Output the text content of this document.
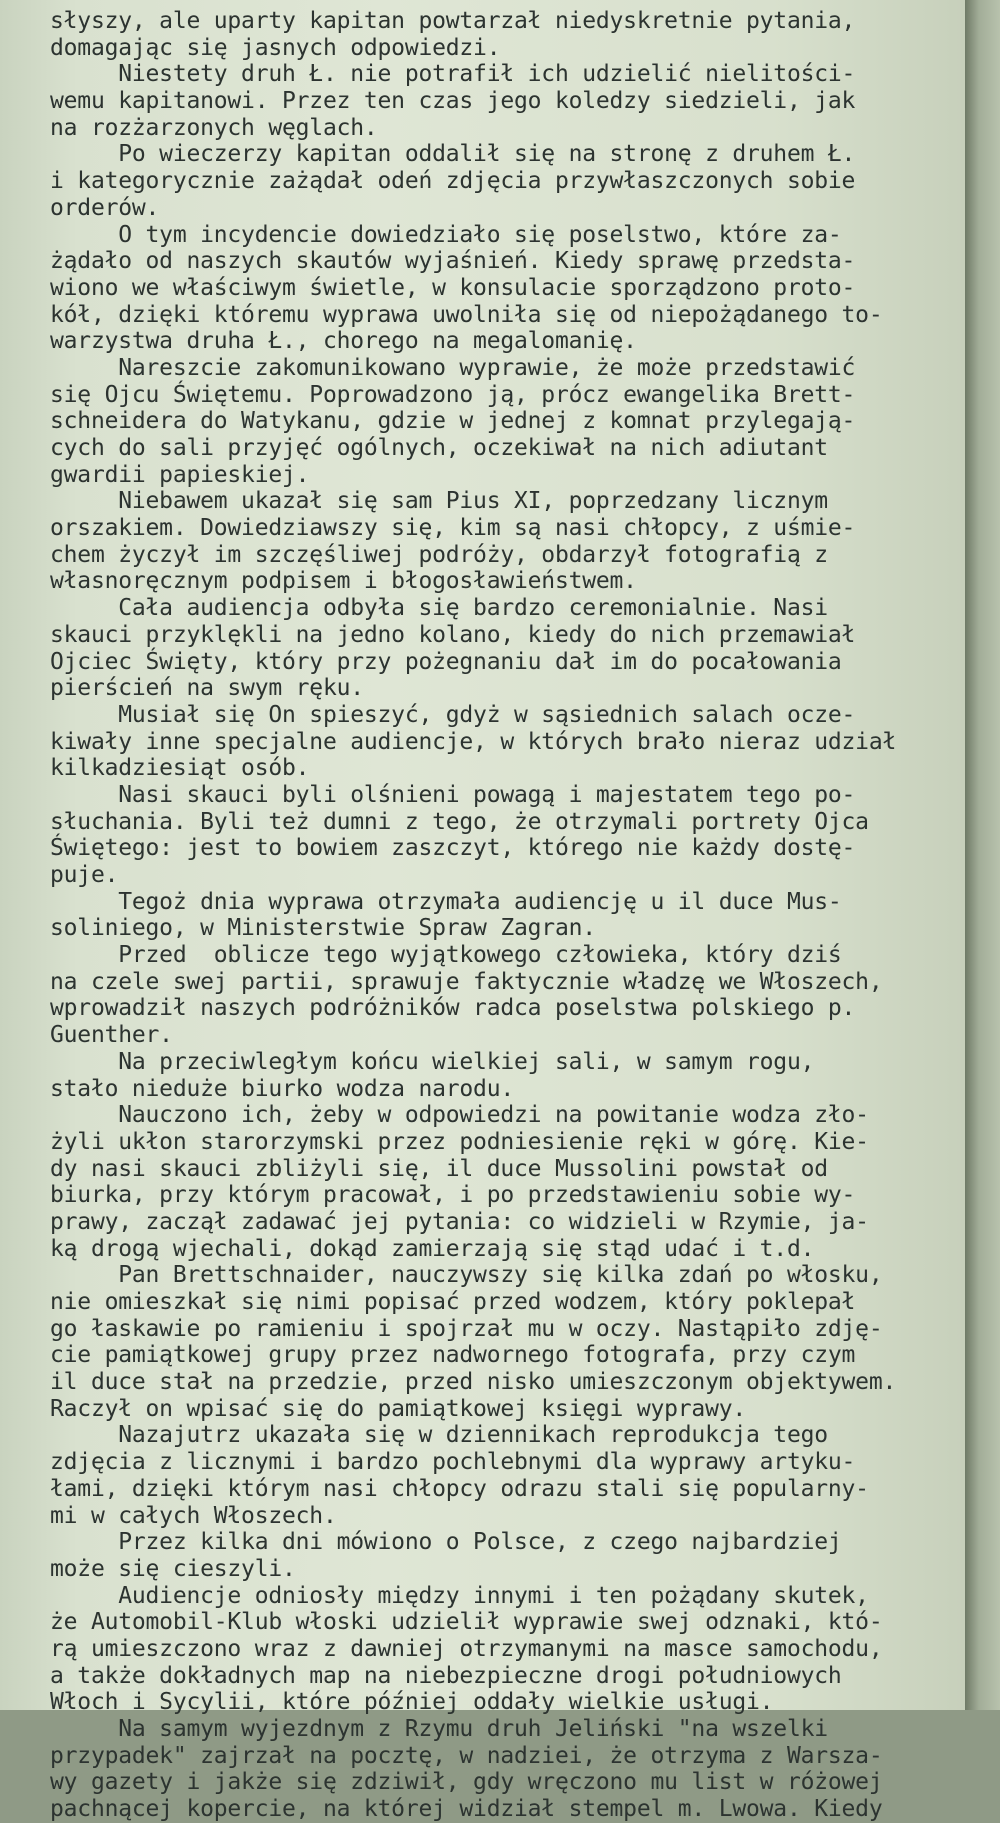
słyszy, ale uparty kapitan powtarzał niedyskretnie pytania,
domagając się jasnych odpowiedzi.
Niestety druh Ł. nie potrafił ich udzielić nielitości-
wemu kapitanowi. Przez ten czas jego koledzy siedzieli, jak
na rozżarzonych węglach.
Po wieczerzy kapitan oddalił się na stronę z druhem Ł.
i kategorycznie zażądał odeń zdjęcia przywłaszczonych sobie
orderów.
O tym incydencie dowiedziało się poselstwo, które za-
żądało od naszych skautów wyjaśnień. Kiedy sprawę przedsta-
wiono we właściwym świetle, w konsulacie sporządzono proto-
kół, dzięki któremu wyprawa uwolniła się od niepożądanego to-
warzystwa druha Ł., chorego na megalomanię.
Nareszcie zakomunikowano wyprawie, że może przedstawić
się Ojcu Świętemu. Poprowadzono ją, prócz ewangelika Brett-
schneidera do Watykanu, gdzie w jednej z komnat przylegają-
cych do sali przyjęć ogólnych, oczekiwał na nich adiutant
gwardii papieskiej.
Niebawem ukazał się sam Pius XI, poprzedzany licznym
orszakiem. Dowiedziawszy się, kim są nasi chłopcy, z uśmie-
chem życzył im szczęśliwej podróży, obdarzył fotografią z
własnoręcznym podpisem i błogosławieństwem.
Cała audiencja odbyła się bardzo ceremonialnie. Nasi
skauci przyklękli na jedno kolano, kiedy do nich przemawiał
Ojciec Święty, który przy pożegnaniu dał im do pocałowania
pierścień na swym ręku.
Musiał się On spieszyć, gdyż w sąsiednich salach ocze-
kiwały inne specjalne audiencje, w których brało nieraz udział
kilkadziesiąt osób.
Nasi skauci byli olśnieni powagą i majestatem tego po-
słuchania. Byli też dumni z tego, że otrzymali portrety Ojca
Świętego: jest to bowiem zaszczyt, którego nie każdy dostę-
puje.
Tegoż dnia wyprawa otrzymała audiencję u il duce Mus-
soliniego, w Ministerstwie Spraw Zagran.
Przed  oblicze tego wyjątkowego człowieka, który dziś
na czele swej partii, sprawuje faktycznie władzę we Włoszech,
wprowadził naszych podróżników radca poselstwa polskiego p.
Guenther.
Na przeciwległym końcu wielkiej sali, w samym rogu,
stało nieduże biurko wodza narodu.
Nauczono ich, żeby w odpowiedzi na powitanie wodza zło-
żyli ukłon starorzymski przez podniesienie ręki w górę. Kie-
dy nasi skauci zbliżyli się, il duce Mussolini powstał od
biurka, przy którym pracował, i po przedstawieniu sobie wy-
prawy, zaczął zadawać jej pytania: co widzieli w Rzymie, ja-
ką drogą wjechali, dokąd zamierzają się stąd udać i t.d.
Pan Brettschnaider, nauczywszy się kilka zdań po włosku,
nie omieszkał się nimi popisać przed wodzem, który poklepał
go łaskawie po ramieniu i spojrzał mu w oczy. Nastąpiło zdję-
cie pamiątkowej grupy przez nadwornego fotografa, przy czym
il duce stał na przedzie, przed nisko umieszczonym objektywem.
Raczył on wpisać się do pamiątkowej księgi wyprawy.
Nazajutrz ukazała się w dziennikach reprodukcja tego
zdjęcia z licznymi i bardzo pochlebnymi dla wyprawy artyku-
łami, dzięki którym nasi chłopcy odrazu stali się popularny-
mi w całych Włoszech.
Przez kilka dni mówiono o Polsce, z czego najbardziej
może się cieszyli.
Audiencje odniosły między innymi i ten pożądany skutek,
że Automobil-Klub włoski udzielił wyprawie swej odznaki, któ-
rą umieszczono wraz z dawniej otrzymanymi na masce samochodu,
a także dokładnych map na niebezpieczne drogi południowych
Włoch i Sycylii, które później oddały wielkie usługi.
Na samym wyjezdnym z Rzymu druh Jeliński "na wszelki
przypadek" zajrzał na pocztę, w nadziei, że otrzyma z Warsza-
wy gazety i jakże się zdziwił, gdy wręczono mu list w różowej
pachnącej kopercie, na której widział stempel m. Lwowa. Kiedy
